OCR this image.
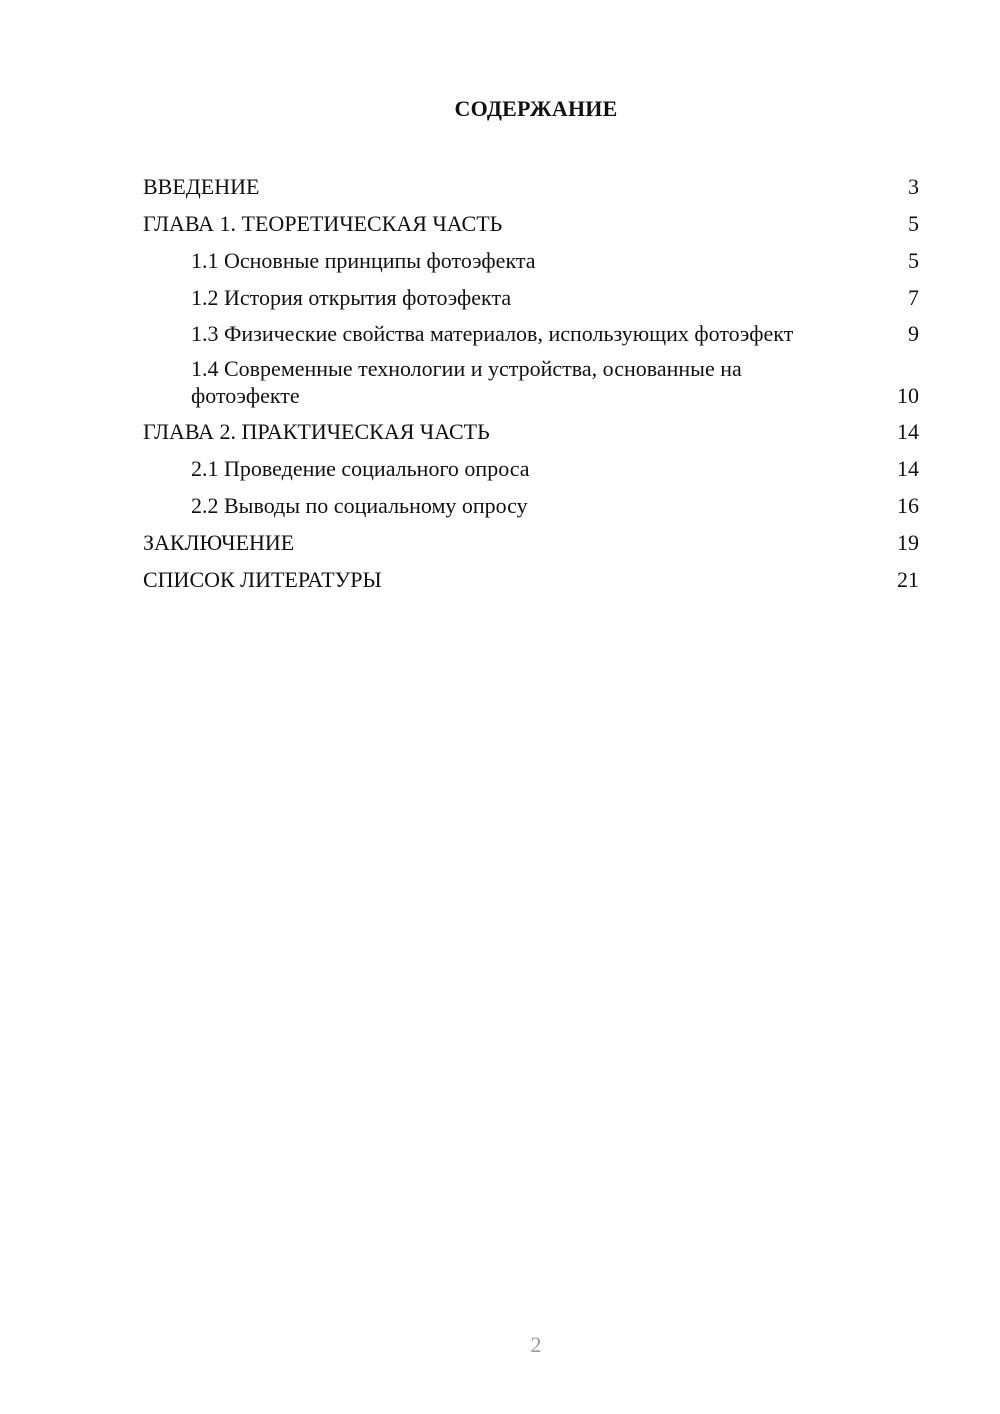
СОДЕРЖАНИЕ
ВВЕДЕНИЕ	3
ГЛАВА 1. ТЕОРЕТИЧЕСКАЯ ЧАСТЬ	5
1.1 Основные принципы фотоэфекта	5
1.2 История открытия фотоэфекта	7
1.3 Физические свойства материалов, использующих фотоэфект	9
1.4 Современные технологии и устройства, основанные на фотоэфекте	10
ГЛАВА 2. ПРАКТИЧЕСКАЯ ЧАСТЬ	14
2.1 Проведение социального опроса	14
2.2 Выводы по социальному опросу	16
ЗАКЛЮЧЕНИЕ	19
СПИСОК ЛИТЕРАТУРЫ	21
2
